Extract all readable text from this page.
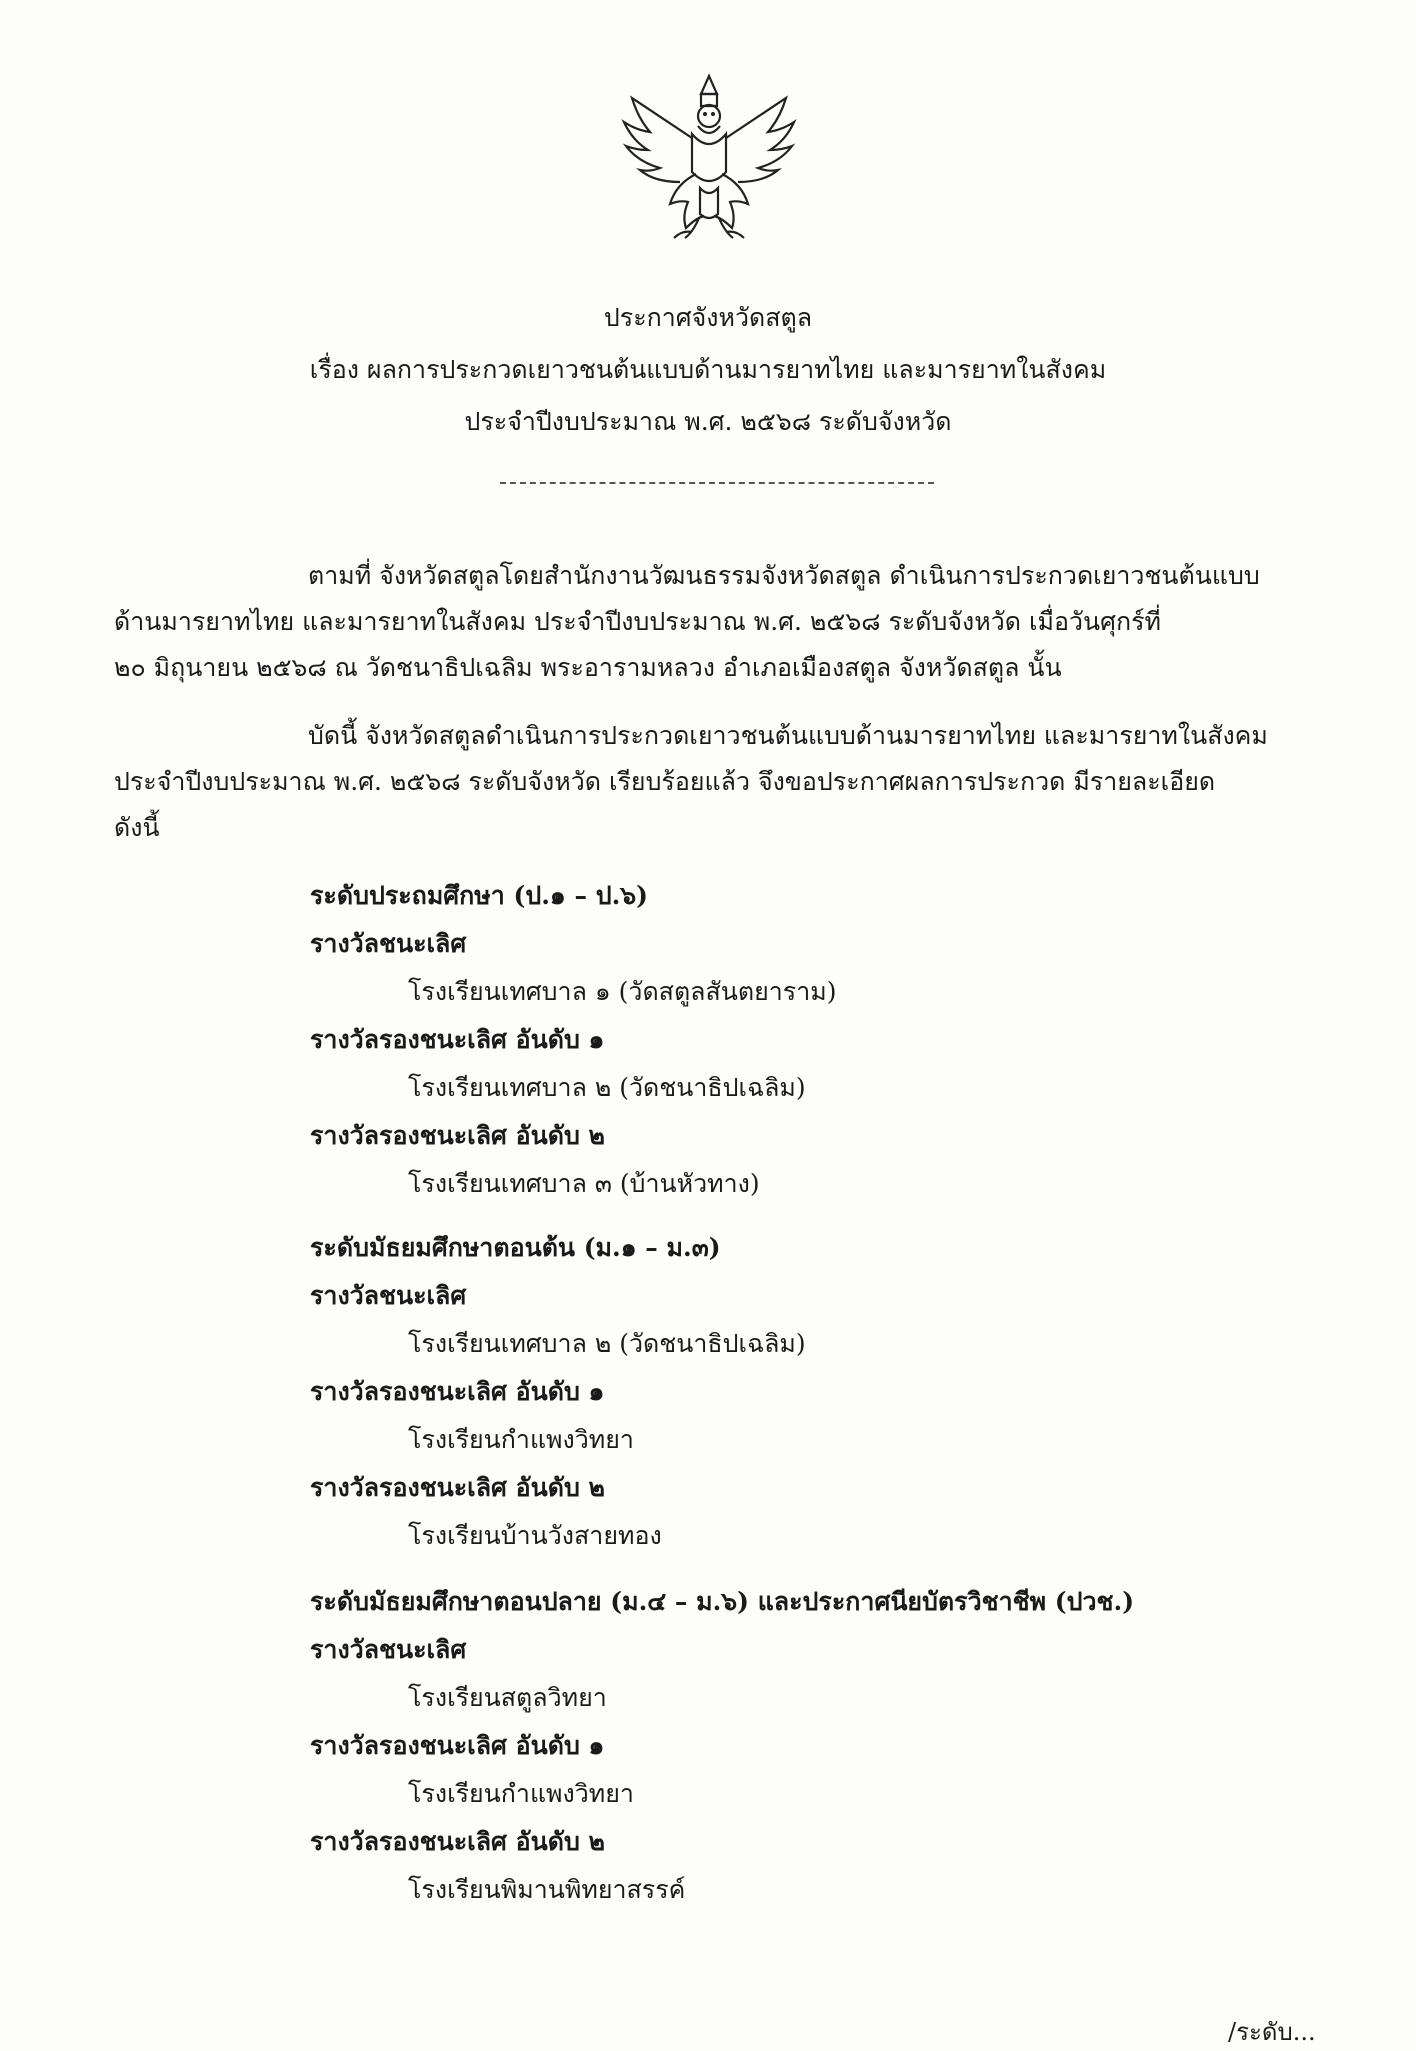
ประกาศจังหวัดสตูล
เรื่อง ผลการประกวดเยาวชนต้นแบบด้านมารยาทไทย และมารยาทในสังคม
ประจำปีงบประมาณ พ.ศ. ๒๕๖๘ ระดับจังหวัด
ตามที่ จังหวัดสตูลโดยสำนักงานวัฒนธรรมจังหวัดสตูล ดำเนินการประกวดเยาวชนต้นแบบ
ด้านมารยาทไทย และมารยาทในสังคม ประจำปีงบประมาณ พ.ศ. ๒๕๖๘ ระดับจังหวัด เมื่อวันศุกร์ที่
๒๐ มิถุนายน ๒๕๖๘ ณ วัดชนาธิปเฉลิม พระอารามหลวง อำเภอเมืองสตูล จังหวัดสตูล นั้น
บัดนี้ จังหวัดสตูลดำเนินการประกวดเยาวชนต้นแบบด้านมารยาทไทย และมารยาทในสังคม
ประจำปีงบประมาณ พ.ศ. ๒๕๖๘ ระดับจังหวัด เรียบร้อยแล้ว จึงขอประกาศผลการประกวด มีรายละเอียด
ดังนี้
ระดับประถมศึกษา (ป.๑ – ป.๖)
รางวัลชนะเลิศ
โรงเรียนเทศบาล ๑ (วัดสตูลสันตยาราม)
รางวัลรองชนะเลิศ อันดับ ๑
โรงเรียนเทศบาล ๒ (วัดชนาธิปเฉลิม)
รางวัลรองชนะเลิศ อันดับ ๒
โรงเรียนเทศบาล ๓ (บ้านหัวทาง)
ระดับมัธยมศึกษาตอนต้น (ม.๑ – ม.๓)
รางวัลชนะเลิศ
โรงเรียนเทศบาล ๒ (วัดชนาธิปเฉลิม)
รางวัลรองชนะเลิศ อันดับ ๑
โรงเรียนกำแพงวิทยา
รางวัลรองชนะเลิศ อันดับ ๒
โรงเรียนบ้านวังสายทอง
ระดับมัธยมศึกษาตอนปลาย (ม.๔ – ม.๖) และประกาศนียบัตรวิชาชีพ (ปวช.)
รางวัลชนะเลิศ
โรงเรียนสตูลวิทยา
รางวัลรองชนะเลิศ อันดับ ๑
โรงเรียนกำแพงวิทยา
รางวัลรองชนะเลิศ อันดับ ๒
โรงเรียนพิมานพิทยาสรรค์
/ระดับ...
